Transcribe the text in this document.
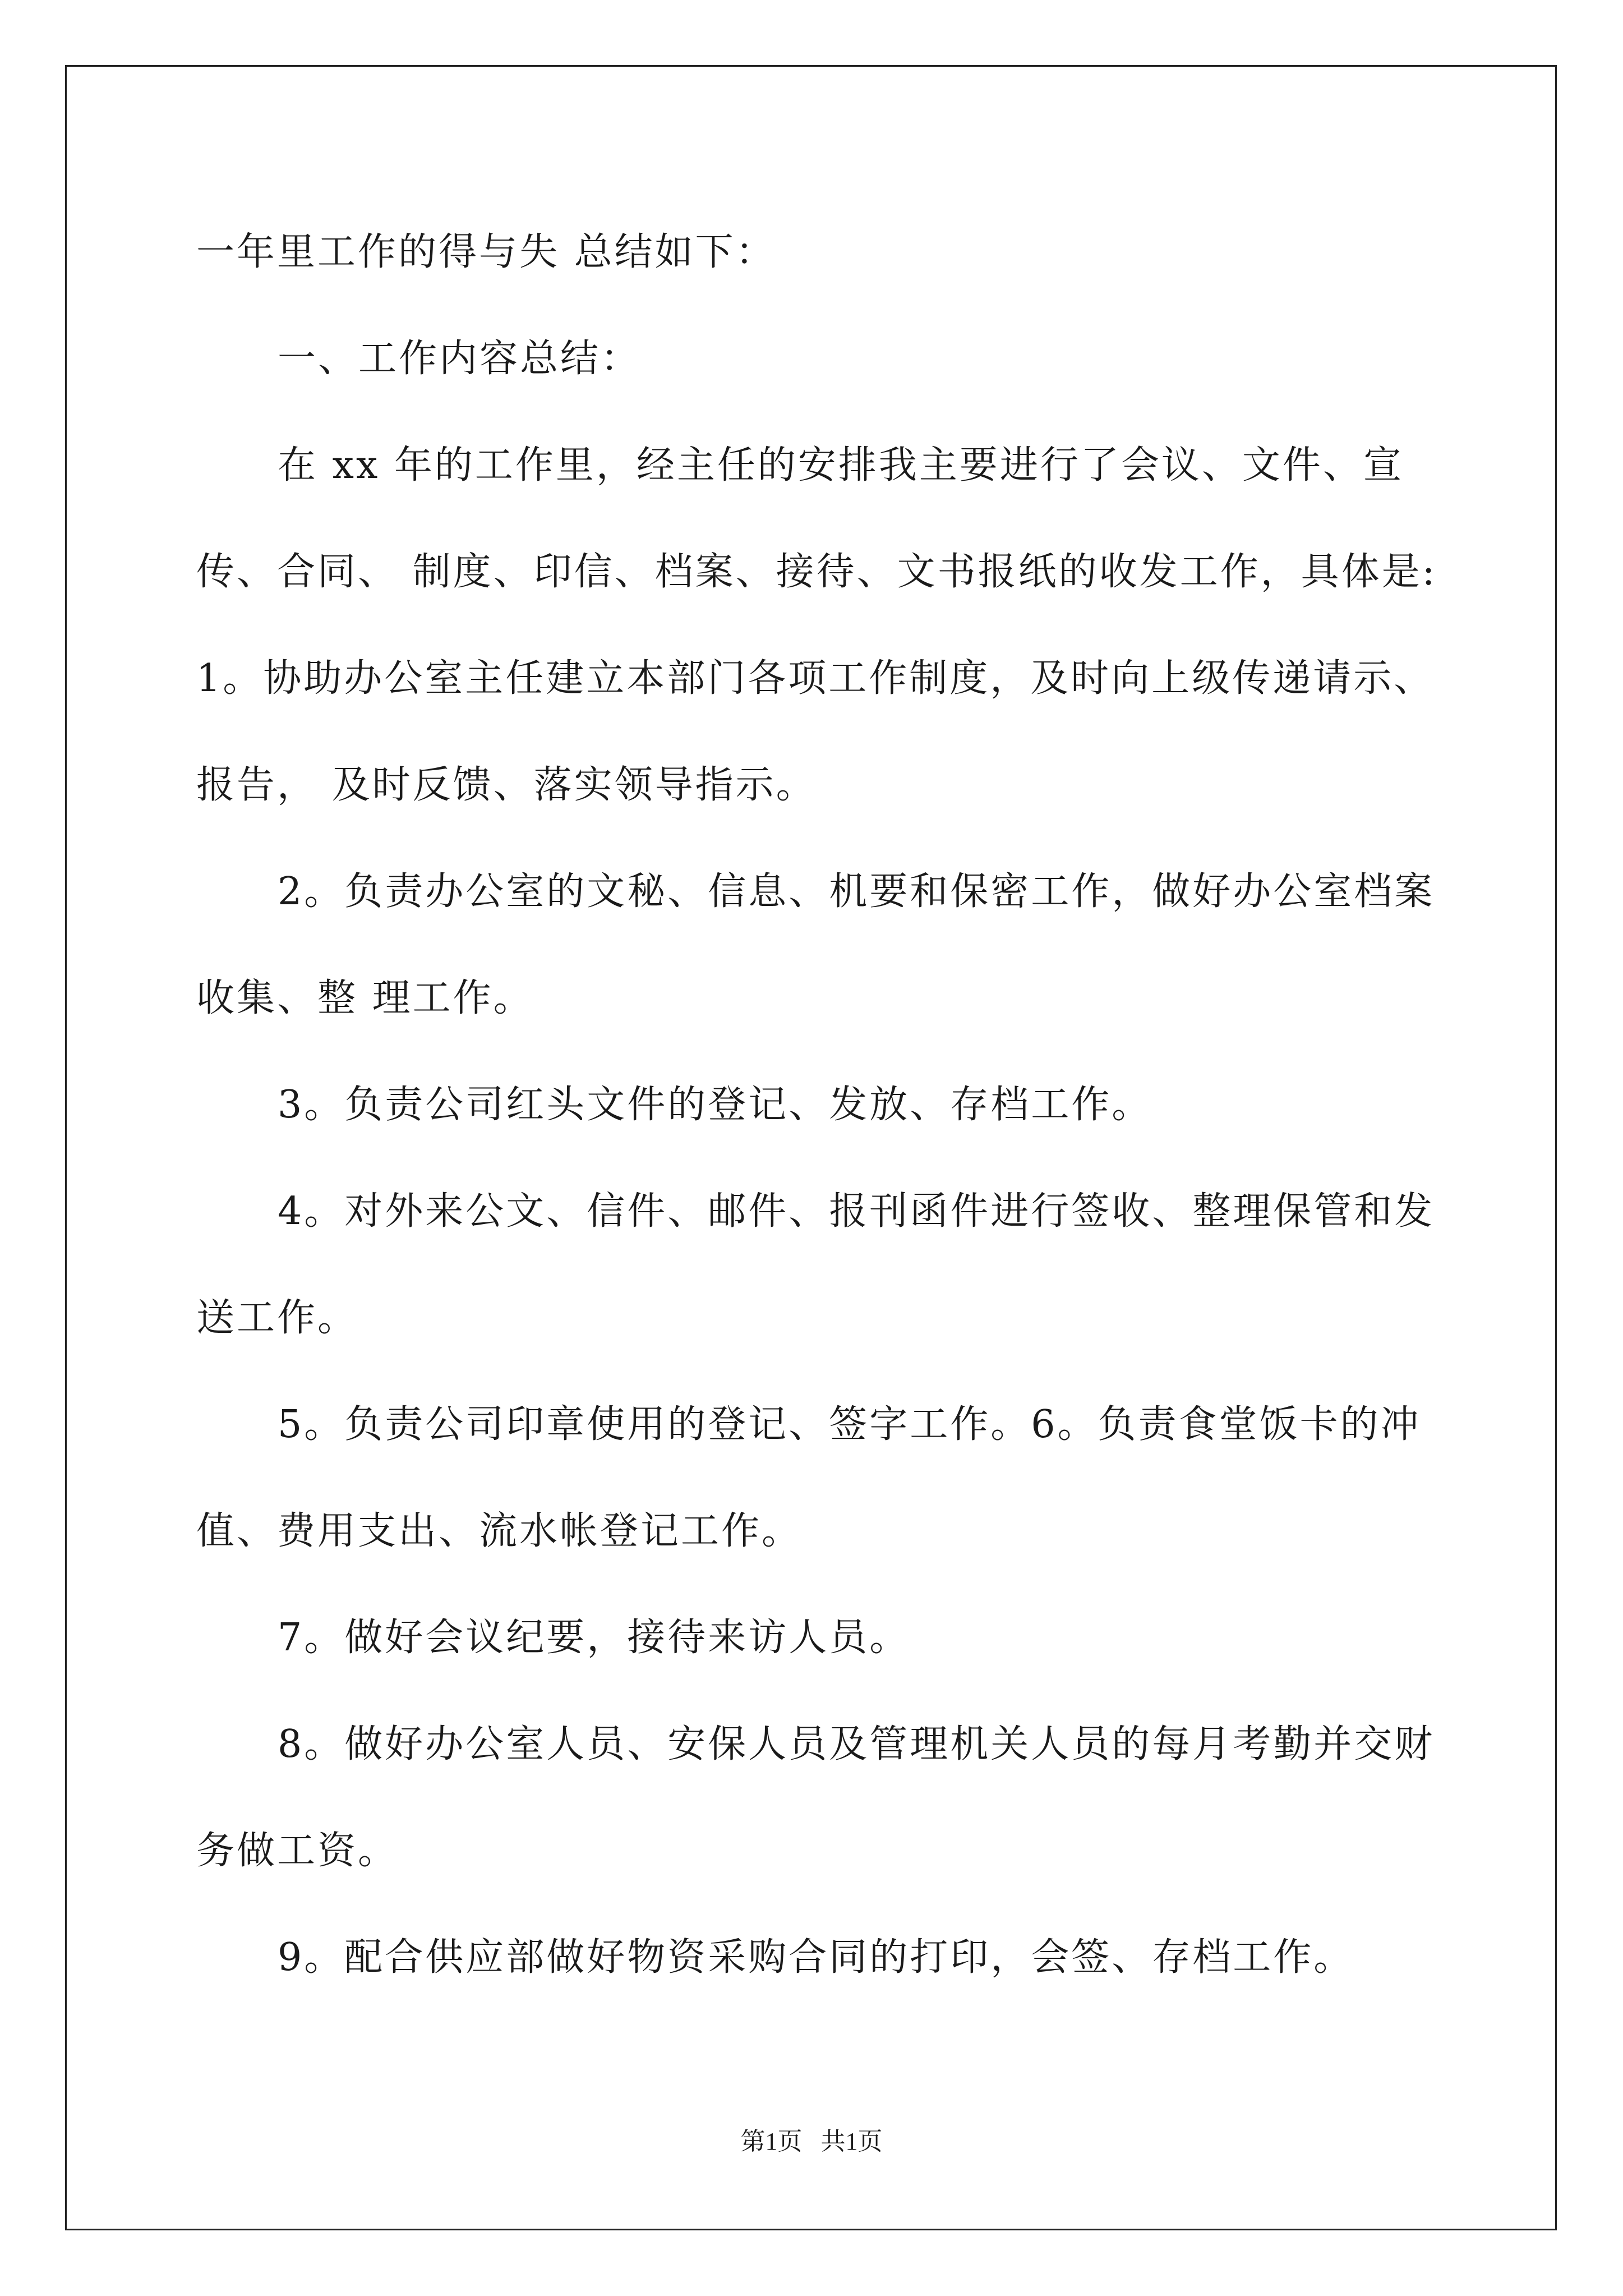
一年里工作的得与失 总结如下：
一、工作内容总结：
在 xx 年的工作里，经主任的安排我主要进行了会议、文件、宣
传、合同、 制度、印信、档案、接待、文书报纸的收发工作，具体是:
1。协助办公室主任建立本部门各项工作制度，及时向上级传递请示、
报告， 及时反馈、落实领导指示。
2。负责办公室的文秘、信息、机要和保密工作，做好办公室档案
收集、整 理工作。
3。负责公司红头文件的登记、发放、存档工作。
4。对外来公文、信件、邮件、报刊函件进行签收、整理保管和发
送工作。
5。负责公司印章使用的登记、签字工作。6。负责食堂饭卡的冲
值、费用支出、流水帐登记工作。
7。做好会议纪要，接待来访人员。
8。做好办公室人员、安保人员及管理机关人员的每月考勤并交财
务做工资。
9。配合供应部做好物资采购合同的打印，会签、存档工作。
第1页   共1页
